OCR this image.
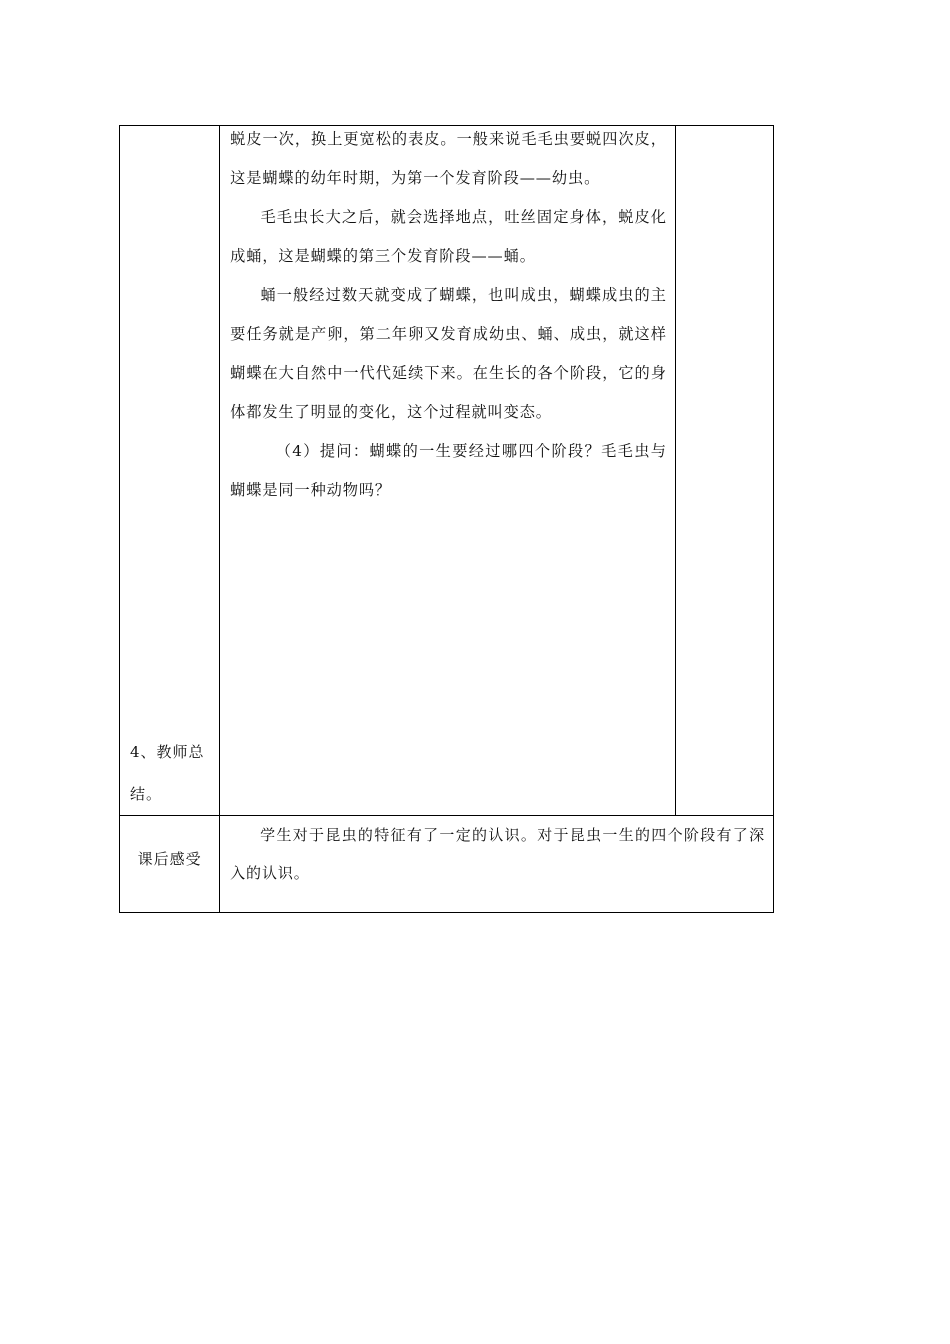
4、教师总结。	蜕皮一次，换上更宽松的表皮。一般来说毛毛虫要蜕四次皮，这是蝴蝶的幼年时期，为第一个发育阶段——幼虫。

毛毛虫长大之后，就会选择地点，吐丝固定身体，蜕皮化成蛹，这是蝴蝶的第三个发育阶段——蛹。

蛹一般经过数天就变成了蝴蝶，也叫成虫，蝴蝶成虫的主要任务就是产卵，第二年卵又发育成幼虫、蛹、成虫，就这样蝴蝶在大自然中一代代延续下来。在生长的各个阶段，它的身体都发生了明显的变化，这个过程就叫变态。

（4）提问：蝴蝶的一生要经过哪四个阶段？毛毛虫与蝴蝶是同一种动物吗？	

课后感受	学生对于昆虫的特征有了一定的认识。对于昆虫一生的四个阶段有了深入的认识。	
